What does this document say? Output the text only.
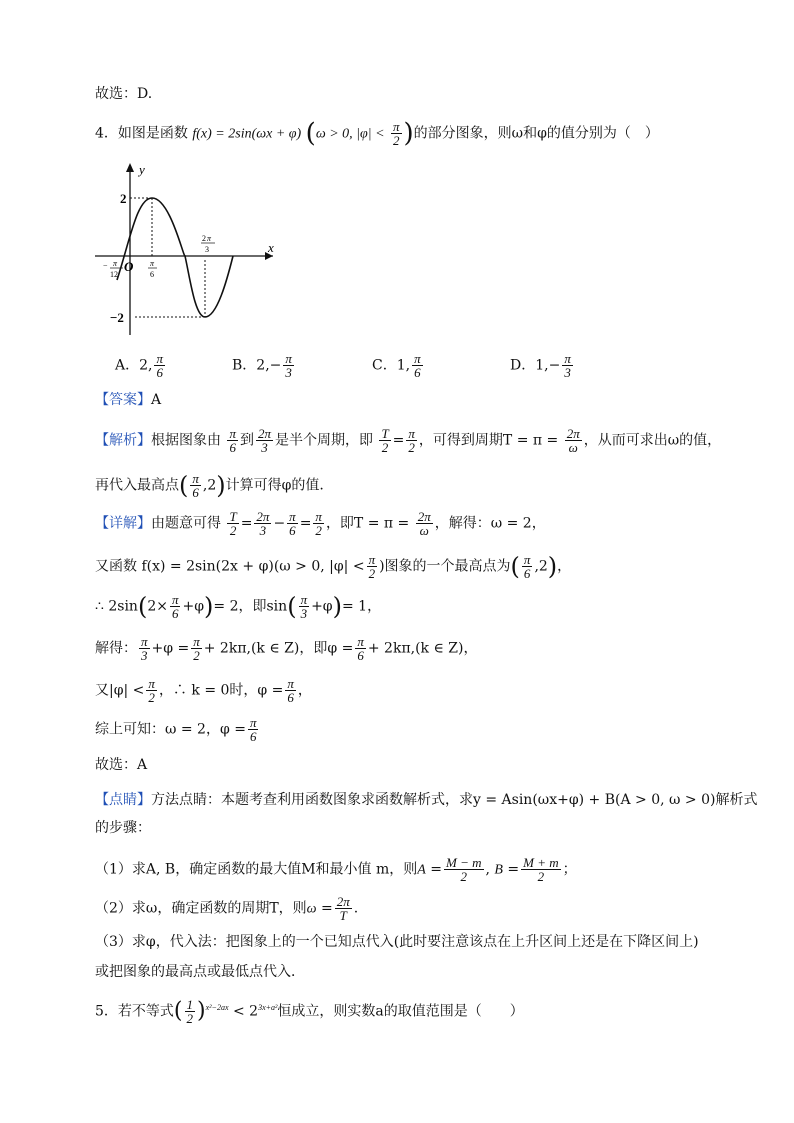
故选：D.
4．如图是函数 f(x) = 2sin(ωx + φ) (ω > 0, $|\varphi| < \frac{\pi}{2}$ )的部分图象，则ω和φ的值分别为（　）
y
x
2
−2
O
− π
12
π
6
2 π
3
A．2, $\frac{\pi}{6}$	B．$2,- \frac{\pi}{3}$	C．1, $\frac{\pi}{6}$	D．$1,- \frac{\pi}{3}$
【答案】A
【解析】根据图象由 $\frac{\pi}{6}$ 到 $\frac{2\pi}{3}$ 是半个周期，即 $\frac{T}{2} = \frac{\pi}{2}$ ，可得到周期$T = \pi = \frac{2\pi}{\omega}$ ，从而可求出ω的值，
再代入最高点( $\frac{\pi}{6} ,2$)计算可得φ的值.
【详解】由题意可得 $\frac{T}{2} = \frac{2\pi}{3} - \frac{\pi}{6} = \frac{\pi}{2}$ ，即$T = \pi = \frac{2\pi}{\omega}$ ，解得：ω = 2，
又函数 f(x) = 2sin(2x + φ)(ω > 0, $|\varphi| < \frac{\pi}{2}$ )图象的一个最高点为( $\frac{\pi}{6} ,2$)，
∴ $2\sin(2\times \frac{\pi}{6} +\varphi)= 2$，即$\sin( \frac{\pi}{3} +\varphi)= 1$，
解得： $\frac{\pi}{3} +\varphi = \frac{\pi}{2} + 2k\pi,(k$ ∈ Z)，即$\varphi = \frac{\pi}{6} + 2k\pi,(k$ ∈ Z)，
又$|\varphi| < \frac{\pi}{2}$ ，∴ k = 0时，$\varphi = \frac{\pi}{6}$ ，
综上可知：ω = 2，$\varphi = \frac{\pi}{6}$
故选：A
【点睛】方法点睛：本题考查利用函数图象求函数解析式，求y = Asin(ωx+φ) + B(A > 0, ω > 0)解析式
的步骤：
（1）求A, B，确定函数的最大值M和最小值 m，则$A = \frac{M - m}{2}$ , $B = \frac{M + m}{2}$ ；
（2）求ω，确定函数的周期T，则$\omega = \frac{2\pi}{T}$ .
（3）求φ，代入法：把图象上的一个已知点代入(此时要注意该点在上升区间上还是在下降区间上)
或把图象的最高点或最低点代入．
5．若不等式( $\frac{1}{2} )^{x^2-2ax} < 2^{3x+a^2}$恒成立，则实数a的取值范围是（　　）
